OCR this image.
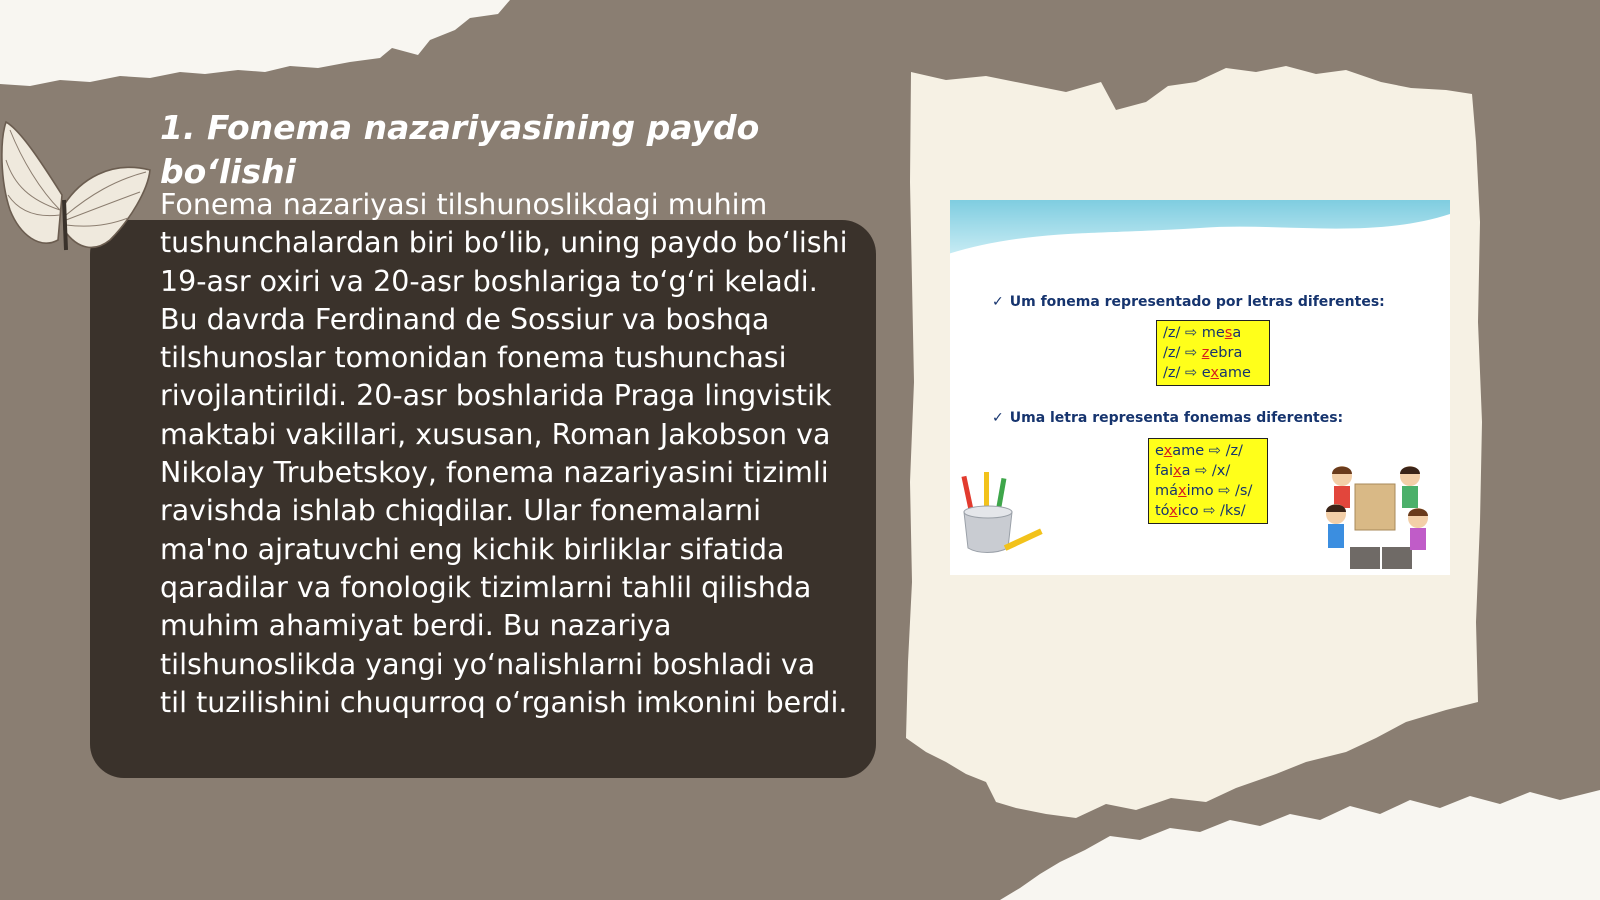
1. Fonema nazariyasining paydo bo‘lishi

Fonema nazariyasi tilshunoslikdagi muhim tushunchalardan biri bo‘lib, uning paydo bo‘lishi 19-asr oxiri va 20-asr boshlariga to‘g‘ri keladi. Bu davrda Ferdinand de Sossiur va boshqa tilshunoslar tomonidan fonema tushunchasi rivojlantirildi. 20-asr boshlarida Praga lingvistik maktabi vakillari, xususan, Roman Jakobson va Nikolay Trubetskoy, fonema nazariyasini tizimli ravishda ishlab chiqdilar. Ular fonemalarni ma'no ajratuvchi eng kichik birliklar sifatida qaradilar va fonologik tizimlarni tahlil qilishda muhim ahamiyat berdi. Bu nazariya tilshunoslikda yangi yo‘nalishlarni boshladi va til tuzilishini chuqurroq o‘rganish imkonini berdi.

✓ Um fonema representado por letras diferentes:
/z/ ⇨ mesa
/z/ ⇨ zebra
/z/ ⇨ exame
✓ Uma letra representa fonemas diferentes:
exame ⇨ /z/
faixa ⇨ /x/
máximo ⇨ /s/
tóxico ⇨ /ks/
